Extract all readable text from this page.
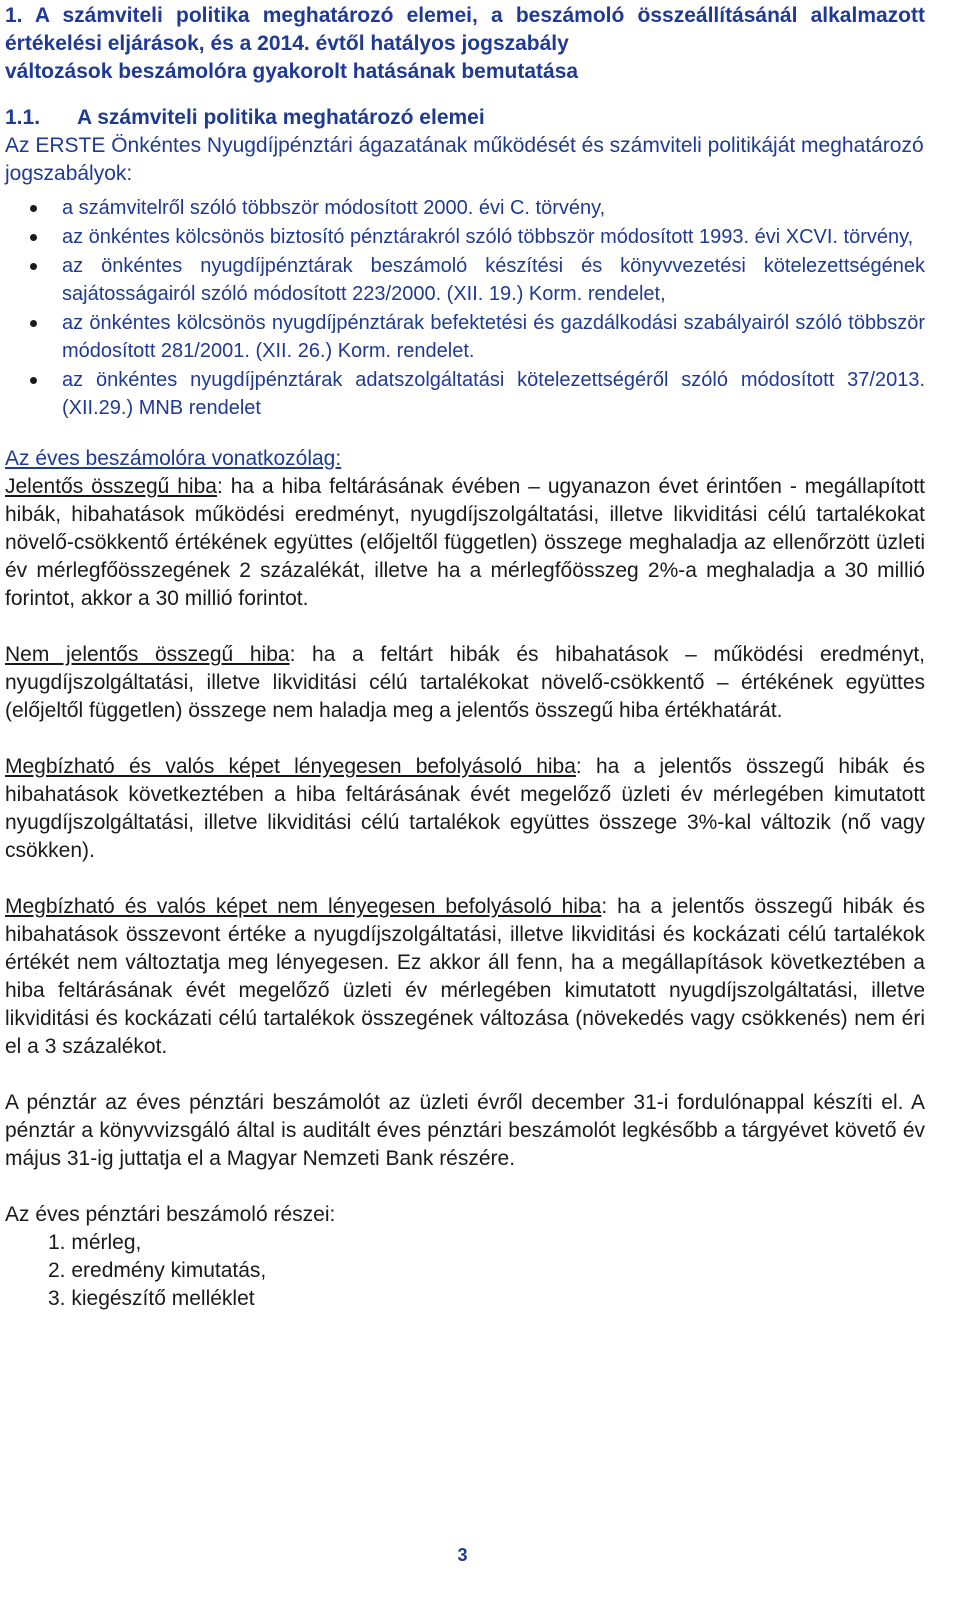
1. A számviteli politika meghatározó elemei, a beszámoló összeállításánál alkalmazott értékelési eljárások, és a 2014. évtől hatályos jogszabály
változások beszámolóra gyakorolt hatásának bemutatása
1.1. A számviteli politika meghatározó elemei

Az ERSTE Önkéntes Nyugdíjpénztári ágazatának működését és számviteli politikáját meghatározó jogszabályok:

a számvitelről szóló többször módosított 2000. évi C. törvény,
az önkéntes kölcsönös biztosító pénztárakról szóló többször módosított 1993. évi XCVI. törvény,
az önkéntes nyugdíjpénztárak beszámoló készítési és könyvvezetési kötelezettségének sajátosságairól szóló módosított 223/2000. (XII. 19.) Korm. rendelet,
az önkéntes kölcsönös nyugdíjpénztárak befektetési és gazdálkodási szabályairól szóló többször módosított 281/2001. (XII. 26.) Korm. rendelet.
az önkéntes nyugdíjpénztárak adatszolgáltatási kötelezettségéről szóló módosított 37/2013. (XII.29.) MNB rendelet

Az éves beszámolóra vonatkozólag:

Jelentős összegű hiba: ha a hiba feltárásának évében – ugyanazon évet érintően - megállapított hibák, hibahatások működési eredményt, nyugdíjszolgáltatási, illetve likviditási célú tartalékokat növelő-csökkentő értékének együttes (előjeltől független) összege meghaladja az ellenőrzött üzleti év mérlegfőösszegének 2 százalékát, illetve ha a mérlegfőösszeg 2%-a meghaladja a 30 millió forintot, akkor a 30 millió forintot.

Nem jelentős összegű hiba: ha a feltárt hibák és hibahatások – működési eredményt, nyugdíjszolgáltatási, illetve likviditási célú tartalékokat növelő-csökkentő – értékének együttes (előjeltől független) összege nem haladja meg a jelentős összegű hiba értékhatárát.

Megbízható és valós képet lényegesen befolyásoló hiba: ha a jelentős összegű hibák és hibahatások következtében a hiba feltárásának évét megelőző üzleti év mérlegében kimutatott nyugdíjszolgáltatási, illetve likviditási célú tartalékok együttes összege 3%-kal változik (nő vagy csökken).

Megbízható és valós képet nem lényegesen befolyásoló hiba: ha a jelentős összegű hibák és hibahatások összevont értéke a nyugdíjszolgáltatási, illetve likviditási és kockázati célú tartalékok értékét nem változtatja meg lényegesen. Ez akkor áll fenn, ha a megállapítások következtében a hiba feltárásának évét megelőző üzleti év mérlegében kimutatott nyugdíjszolgáltatási, illetve likviditási és kockázati célú tartalékok összegének változása (növekedés vagy csökkenés) nem éri el a 3 százalékot.

A pénztár az éves pénztári beszámolót az üzleti évről december 31-i fordulónappal készíti el. A pénztár a könyvvizsgáló által is auditált éves pénztári beszámolót legkésőbb a tárgyévet követő év május 31-ig juttatja el a Magyar Nemzeti Bank részére.

Az éves pénztári beszámoló részei:

1. mérleg,
2. eredmény kimutatás,
3. kiegészítő melléklet
3
